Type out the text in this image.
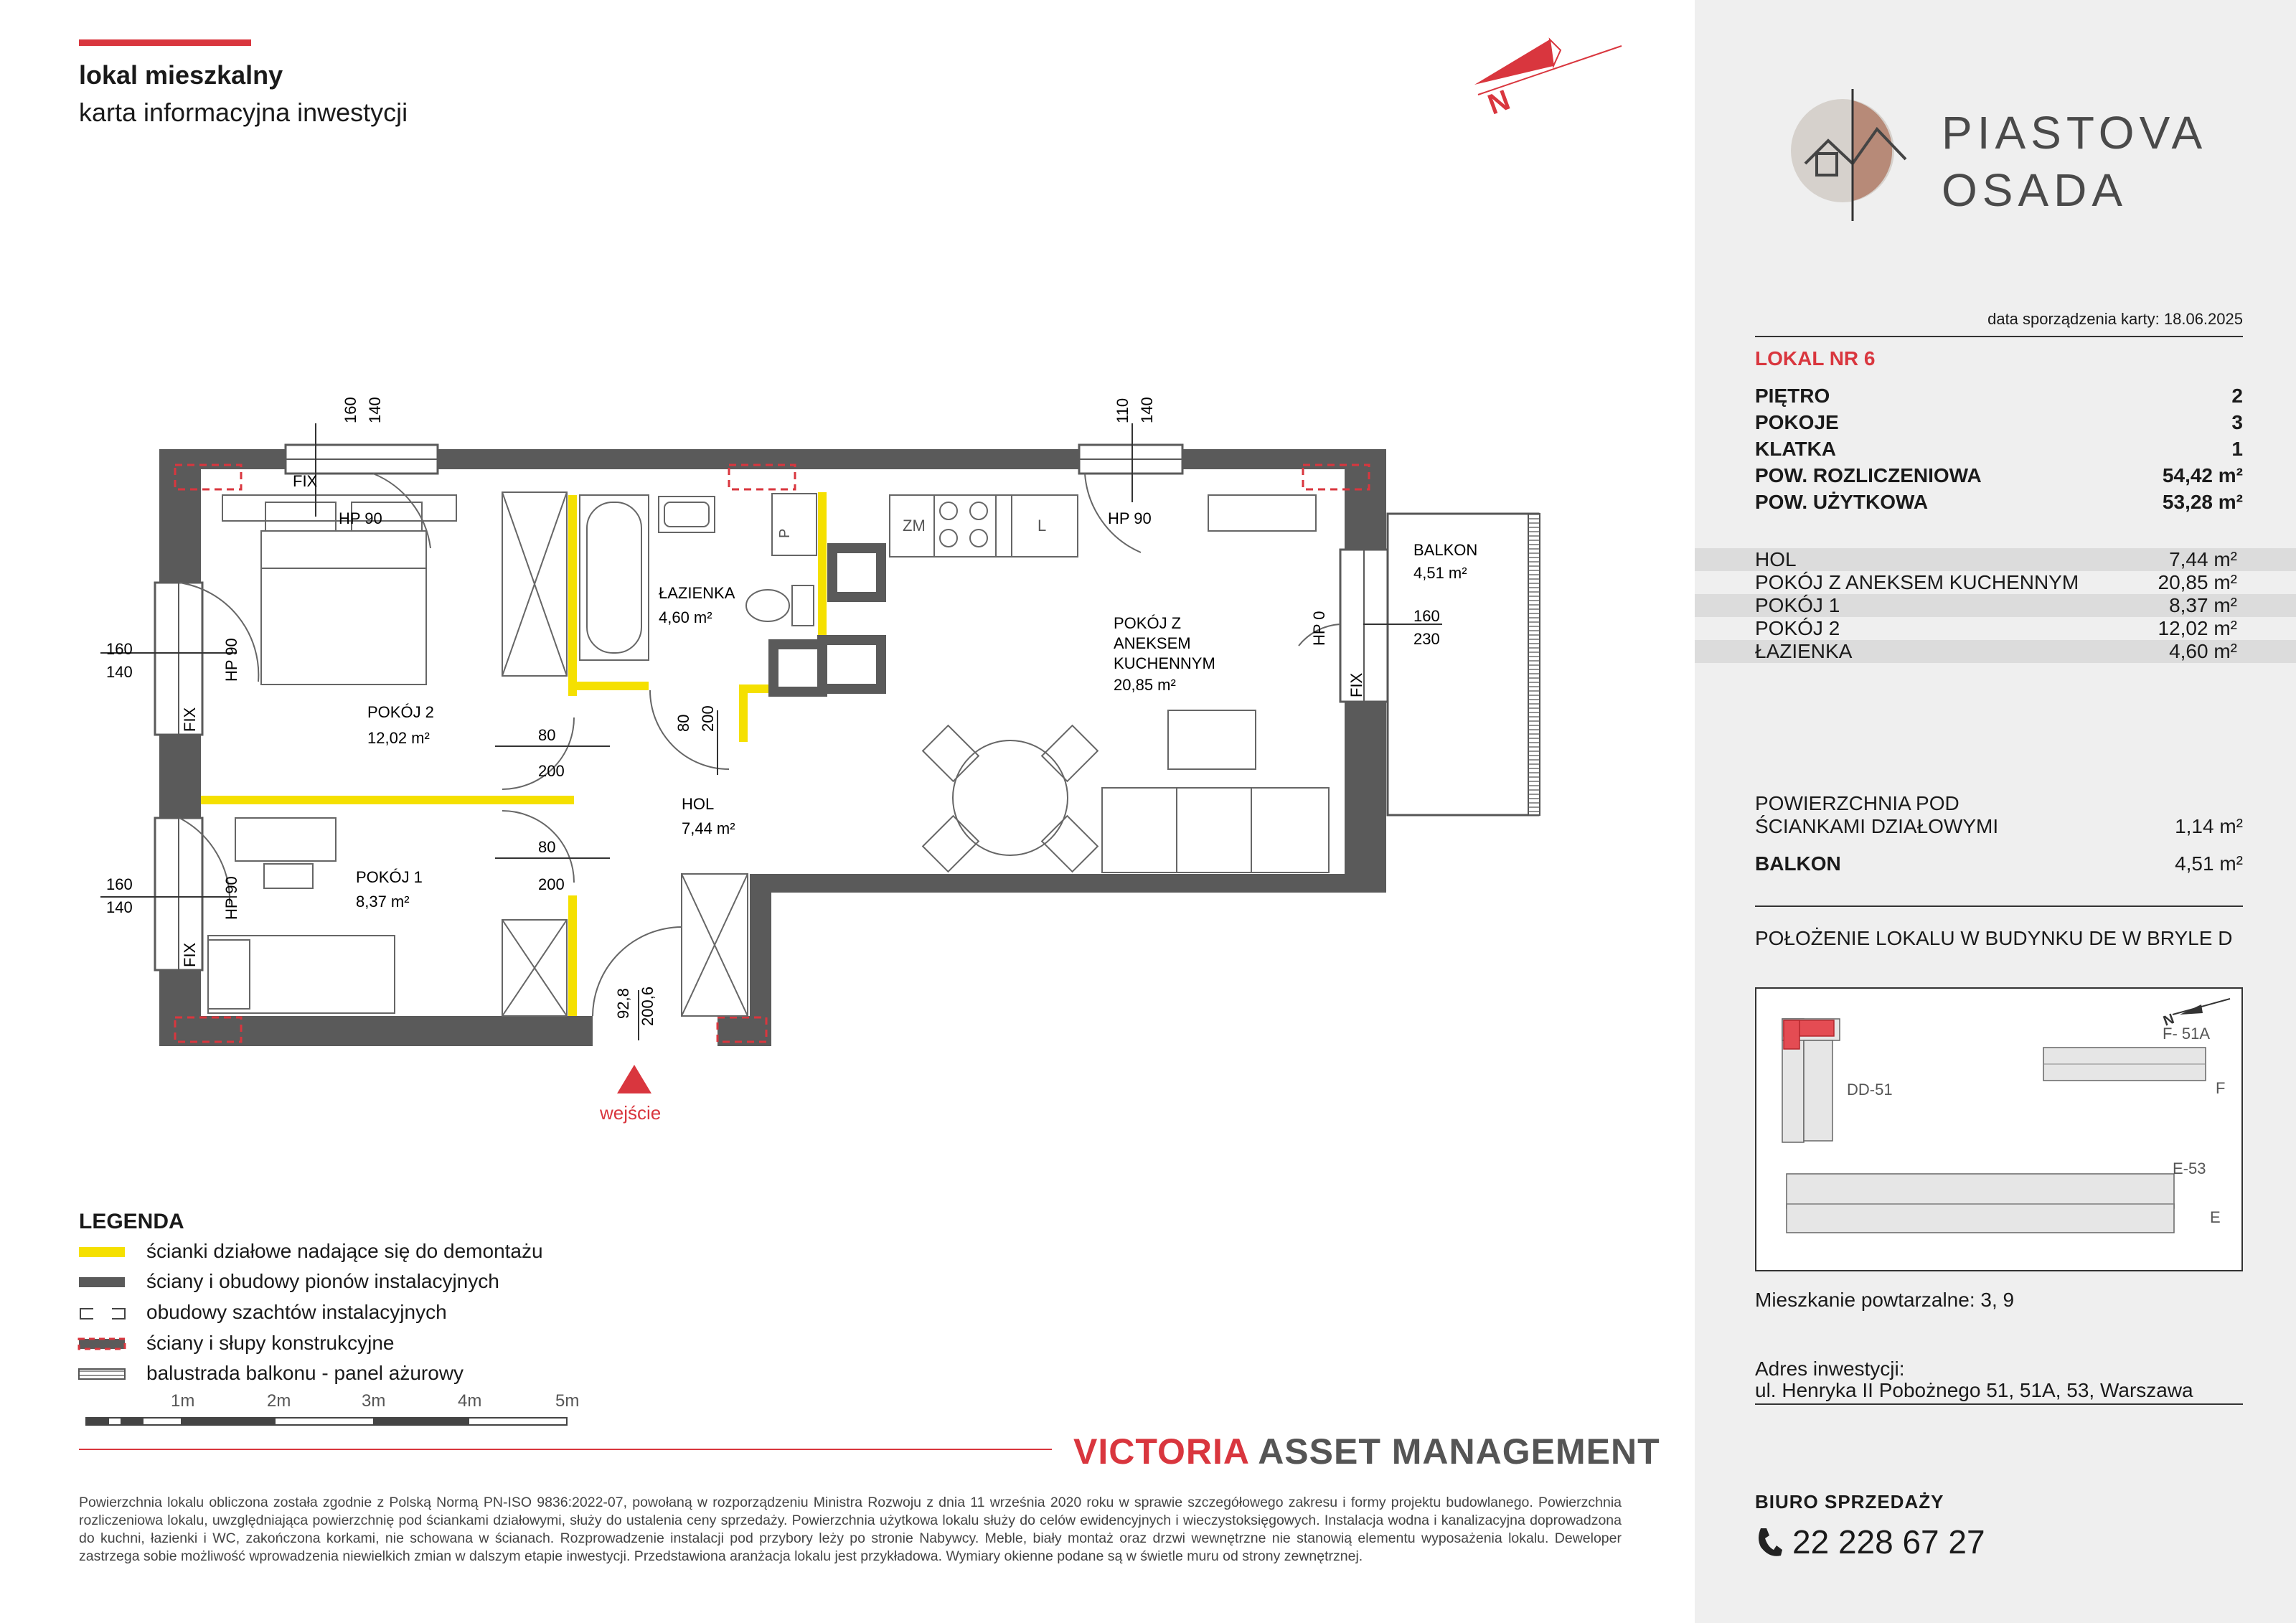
lokal mieszkalny
karta informacyjna inwestycji	N
BALKON
4,51 m²
P	ZM	L
160 140	110 140
160
140
160
140
160
230
80
200
80
200
80 200
92,8 200,6
FIX
HP 90	HP 90
HP 90
FIX
HP 90
FIX
HP 0
FIX
POKÓJ 2
12,02 m²
POKÓJ 1
8,37 m²
ŁAZIENKA
4,60 m²
HOL
7,44 m²
POKÓJ Z
ANEKSEM
KUCHENNYM
20,85 m²
wejście
1m	2m	3m	4m	5m
LEGENDA
ścianki działowe nadające się do demontażu
ściany i obudowy pionów instalacyjnych
obudowy szachtów instalacyjnych
ściany i słupy konstrukcyjne
balustrada balkonu - panel ażurowy
VICTORIA ASSET MANAGEMENT
Powierzchnia lokalu obliczona została zgodnie z Polską Normą PN-ISO 9836:2022-07, powołaną w rozporządzeniu Ministra Rozwoju z dnia 11 września 2020 roku w sprawie szczegółowego zakresu i formy projektu budowlanego. Powierzchnia rozliczeniowa lokalu, uwzględniająca powierzchnię pod ściankami działowymi, służy do ustalenia ceny sprzedaży. Powierzchnia użytkowa lokalu służy do celów ewidencyjnych i wieczystoksięgowych. Instalacja wodna i kanalizacyjna doprowadzona do kuchni, łazienki i WC, zakończona korkami, nie schowana w ścianach. Rozprowadzenie instalacji pod przybory leży po stronie Nabywcy. Meble, biały montaż oraz drzwi wewnętrzne nie stanowią elementu wyposażenia lokalu. Deweloper zastrzega sobie możliwość wprowadzenia niewielkich zmian w dalszym etapie inwestycji. Przedstawiona aranżacja lokalu jest przykładowa. Wymiary okienne podane są w świetle muru od strony zewnętrznej.
PIASTOVA
OSADA
data sporządzenia karty: 18.06.2025
LOKAL NR 6
PIĘTRO	2
POKOJE	3
KLATKA	1
POW. ROZLICZENIOWA	54,42 m²
POW. UŻYTKOWA	53,28 m²
HOL	7,44 m²
POKÓJ Z ANEKSEM KUCHENNYM	20,85 m²
POKÓJ 1	8,37 m²
POKÓJ 2	12,02 m²
ŁAZIENKA	4,60 m²
POWIERZCHNIA POD
ŚCIANKAMI DZIAŁOWYMI	1,14 m²
BALKON	4,51 m²
POŁOŻENIE LOKALU W BUDYNKU DE W BRYLE D
DD-51
F- 51A
F
E-53
E
N
Mieszkanie powtarzalne: 3, 9
Adres inwestycji:
ul. Henryka II Pobożnego 51, 51A, 53, Warszawa
BIURO SPRZEDAŻY
22 228 67 27
